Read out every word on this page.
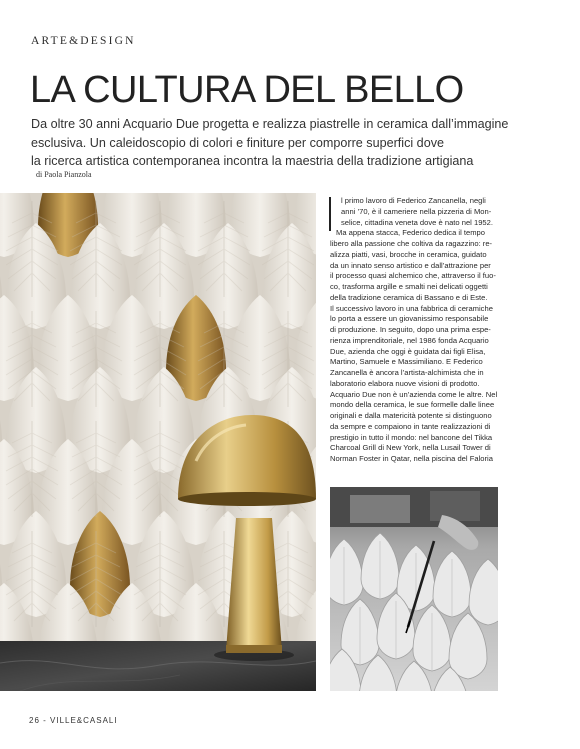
ARTE&DESIGN
LA CULTURA DEL BELLO
Da oltre 30 anni Acquario Due progetta e realizza piastrelle in ceramica dall’immagine
esclusiva. Un caleidoscopio di colori e finiture per comporre superfici dove
la ricerca artistica contemporanea incontra la maestria della tradizione artigiana
di Paola Pianzola
l primo lavoro di Federico Zancanella, negli
anni ’70, è il cameriere nella pizzeria di Mon-
selice, cittadina veneta dove è nato nel 1952.
Ma appena stacca, Federico dedica il tempo
libero alla passione che coltiva da ragazzino: re-
alizza piatti, vasi, brocche in ceramica, guidato
da un innato senso artistico e dall’attrazione per
il processo quasi alchemico che, attraverso il fuo-
co, trasforma argille e smalti nei delicati oggetti
della tradizione ceramica di Bassano e di Este.
Il successivo lavoro in una fabbrica di ceramiche
lo porta a essere un giovanissimo responsabile
di produzione. In seguito, dopo una prima espe-
rienza imprenditoriale, nel 1986 fonda Acquario
Due, azienda che oggi è guidata dai figli Elisa,
Martino, Samuele e Massimiliano. E Federico
Zancanella è ancora l’artista-alchimista che in
laboratorio elabora nuove visioni di prodotto.
Acquario Due non è un’azienda come le altre. Nel
mondo della ceramica, le sue formelle dalle linee
originali e dalla matericità potente si distinguono
da sempre e compaiono in tante realizzazioni di
prestigio in tutto il mondo: nel bancone del Tikka
Charcoal Grill di New York, nella Lusail Tower di
Norman Foster in Qatar, nella piscina del Faloria
26 - VILLE&CASALI
